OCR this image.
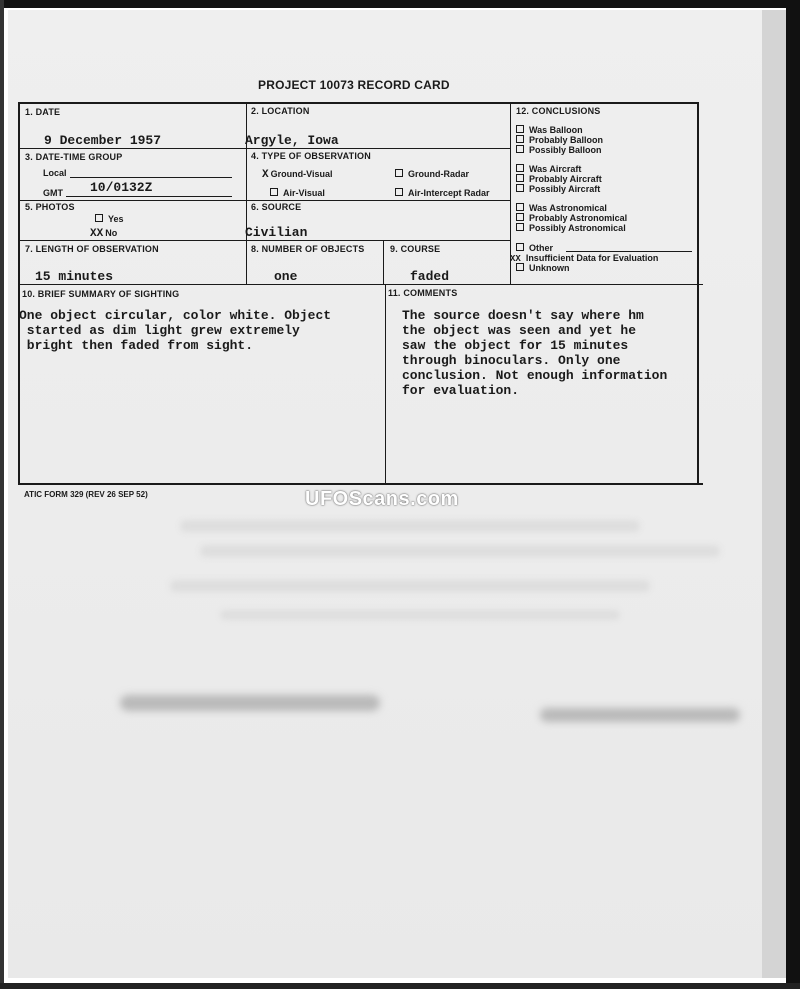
PROJECT 10073 RECORD CARD
1. DATE
9 December 1957
2. LOCATION
Argyle, Iowa
3. DATE-TIME GROUP
Local
GMT 10/0132Z
4. TYPE OF OBSERVATION
X Ground-Visual	Ground-Radar
Air-Visual	Air-Intercept Radar
5. PHOTOS
Yes
XX No
6. SOURCE
Civilian
7. LENGTH OF OBSERVATION
15 minutes
8. NUMBER OF OBJECTS
one
9. COURSE
faded
10. BRIEF SUMMARY OF SIGHTING
One object circular, color white. Object
started as dim light grew extremely
bright then faded from sight.
11. COMMENTS
The source doesn't say where hm
the object was seen and yet he
saw the object for 15 minutes
through binoculars. Only one
conclusion. Not enough information
for evaluation.
12. CONCLUSIONS
Was Balloon
Probably Balloon
Possibly Balloon
Was Aircraft
Probably Aircraft
Possibly Aircraft
Was Astronomical
Probably Astronomical
Possibly Astronomical
Other
XX Insufficient Data for Evaluation
Unknown
ATIC FORM 329 (REV 26 SEP 52)	UFOScans.com
